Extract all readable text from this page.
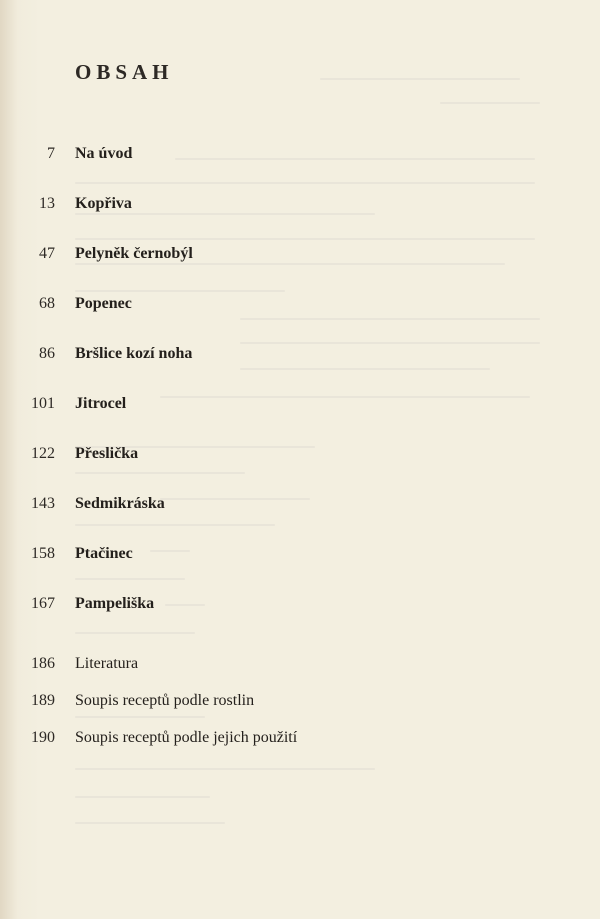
OBSAH
7 Na úvod
13 Kopřiva
47 Pelyněk černobýl
68 Popenec
86 Bršlice kozí noha
101 Jitrocel
122 Přeslička
143 Sedmikráska
158 Ptačinec
167 Pampeliška
186 Literatura
189 Soupis receptů podle rostlin
190 Soupis receptů podle jejich použití
